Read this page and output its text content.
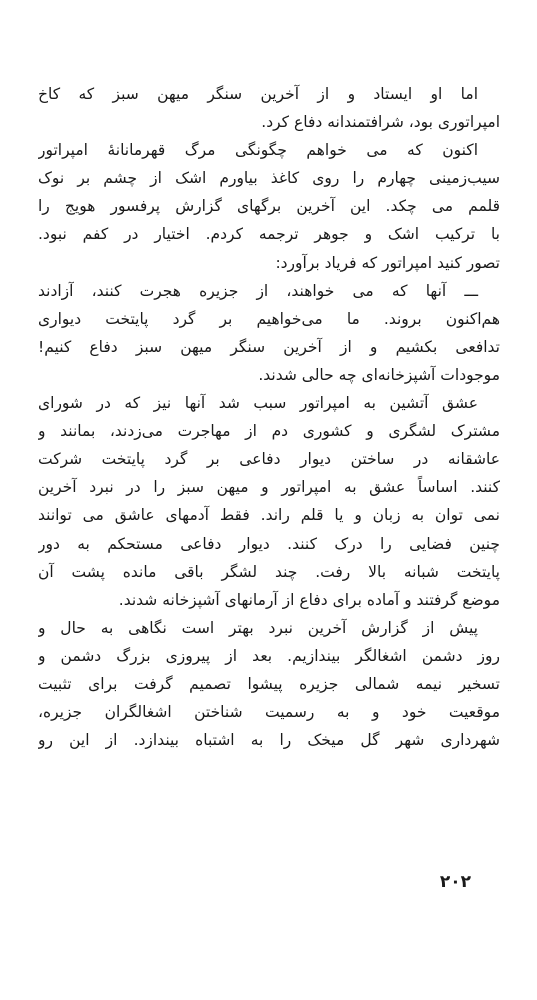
اما او ایستاد و از آخرین سنگر میهن سبز که کاخ
امپراتوری بود، شرافتمندانه دفاع کرد.
اکنون که می خواهم چگونگی مرگ قهرمانانهٔ امپراتور
سیب‌زمینی چهارم را روی کاغذ بیاورم اشک از چشم بر نوک
قلمم می چکد. این آخرین برگهای گزارش پرفسور هویج را
با ترکیب اشک و جوهر ترجمه کردم. اختیار در کفم نبود.
تصور کنید امپراتور که فریاد برآورد:
ـــ آنها که می خواهند، از جزیره هجرت کنند، آزادند
هم‌اکنون بروند. ما می‌خواهیم بر گرد پایتخت دیواری
تدافعی بکشیم و از آخرین سنگر میهن سبز دفاع کنیم!
موجودات آشپزخانه‌ای چه حالی شدند.
عشق آتشین به امپراتور سبب شد آنها نیز که در شورای
مشترک لشگری و کشوری دم از مهاجرت می‌زدند، بمانند و
عاشقانه در ساختن دیوار دفاعی بر گرد پایتخت شرکت
کنند. اساساً عشق به امپراتور و میهن سبز را در نبرد آخرین
نمی توان به زبان و یا قلم راند. فقط آدمهای عاشق می توانند
چنین فضایی را درک کنند. دیوار دفاعی مستحکم به دور
پایتخت شبانه بالا رفت. چند لشگر باقی مانده پشت آن
موضع گرفتند و آماده برای دفاع از آرمانهای آشپزخانه شدند.
پیش از گزارش آخرین نبرد بهتر است نگاهی به حال و
روز دشمن اشغالگر بیندازیم. بعد از پیروزی بزرگ دشمن و
تسخیر نیمه شمالی جزیره پیشوا تصمیم گرفت برای تثبیت
موقعیت خود و به رسمیت شناختن اشغالگران جزیره،
شهرداری شهر گل میخک را به اشتباه بیندازد. از این رو
۲۰۲
